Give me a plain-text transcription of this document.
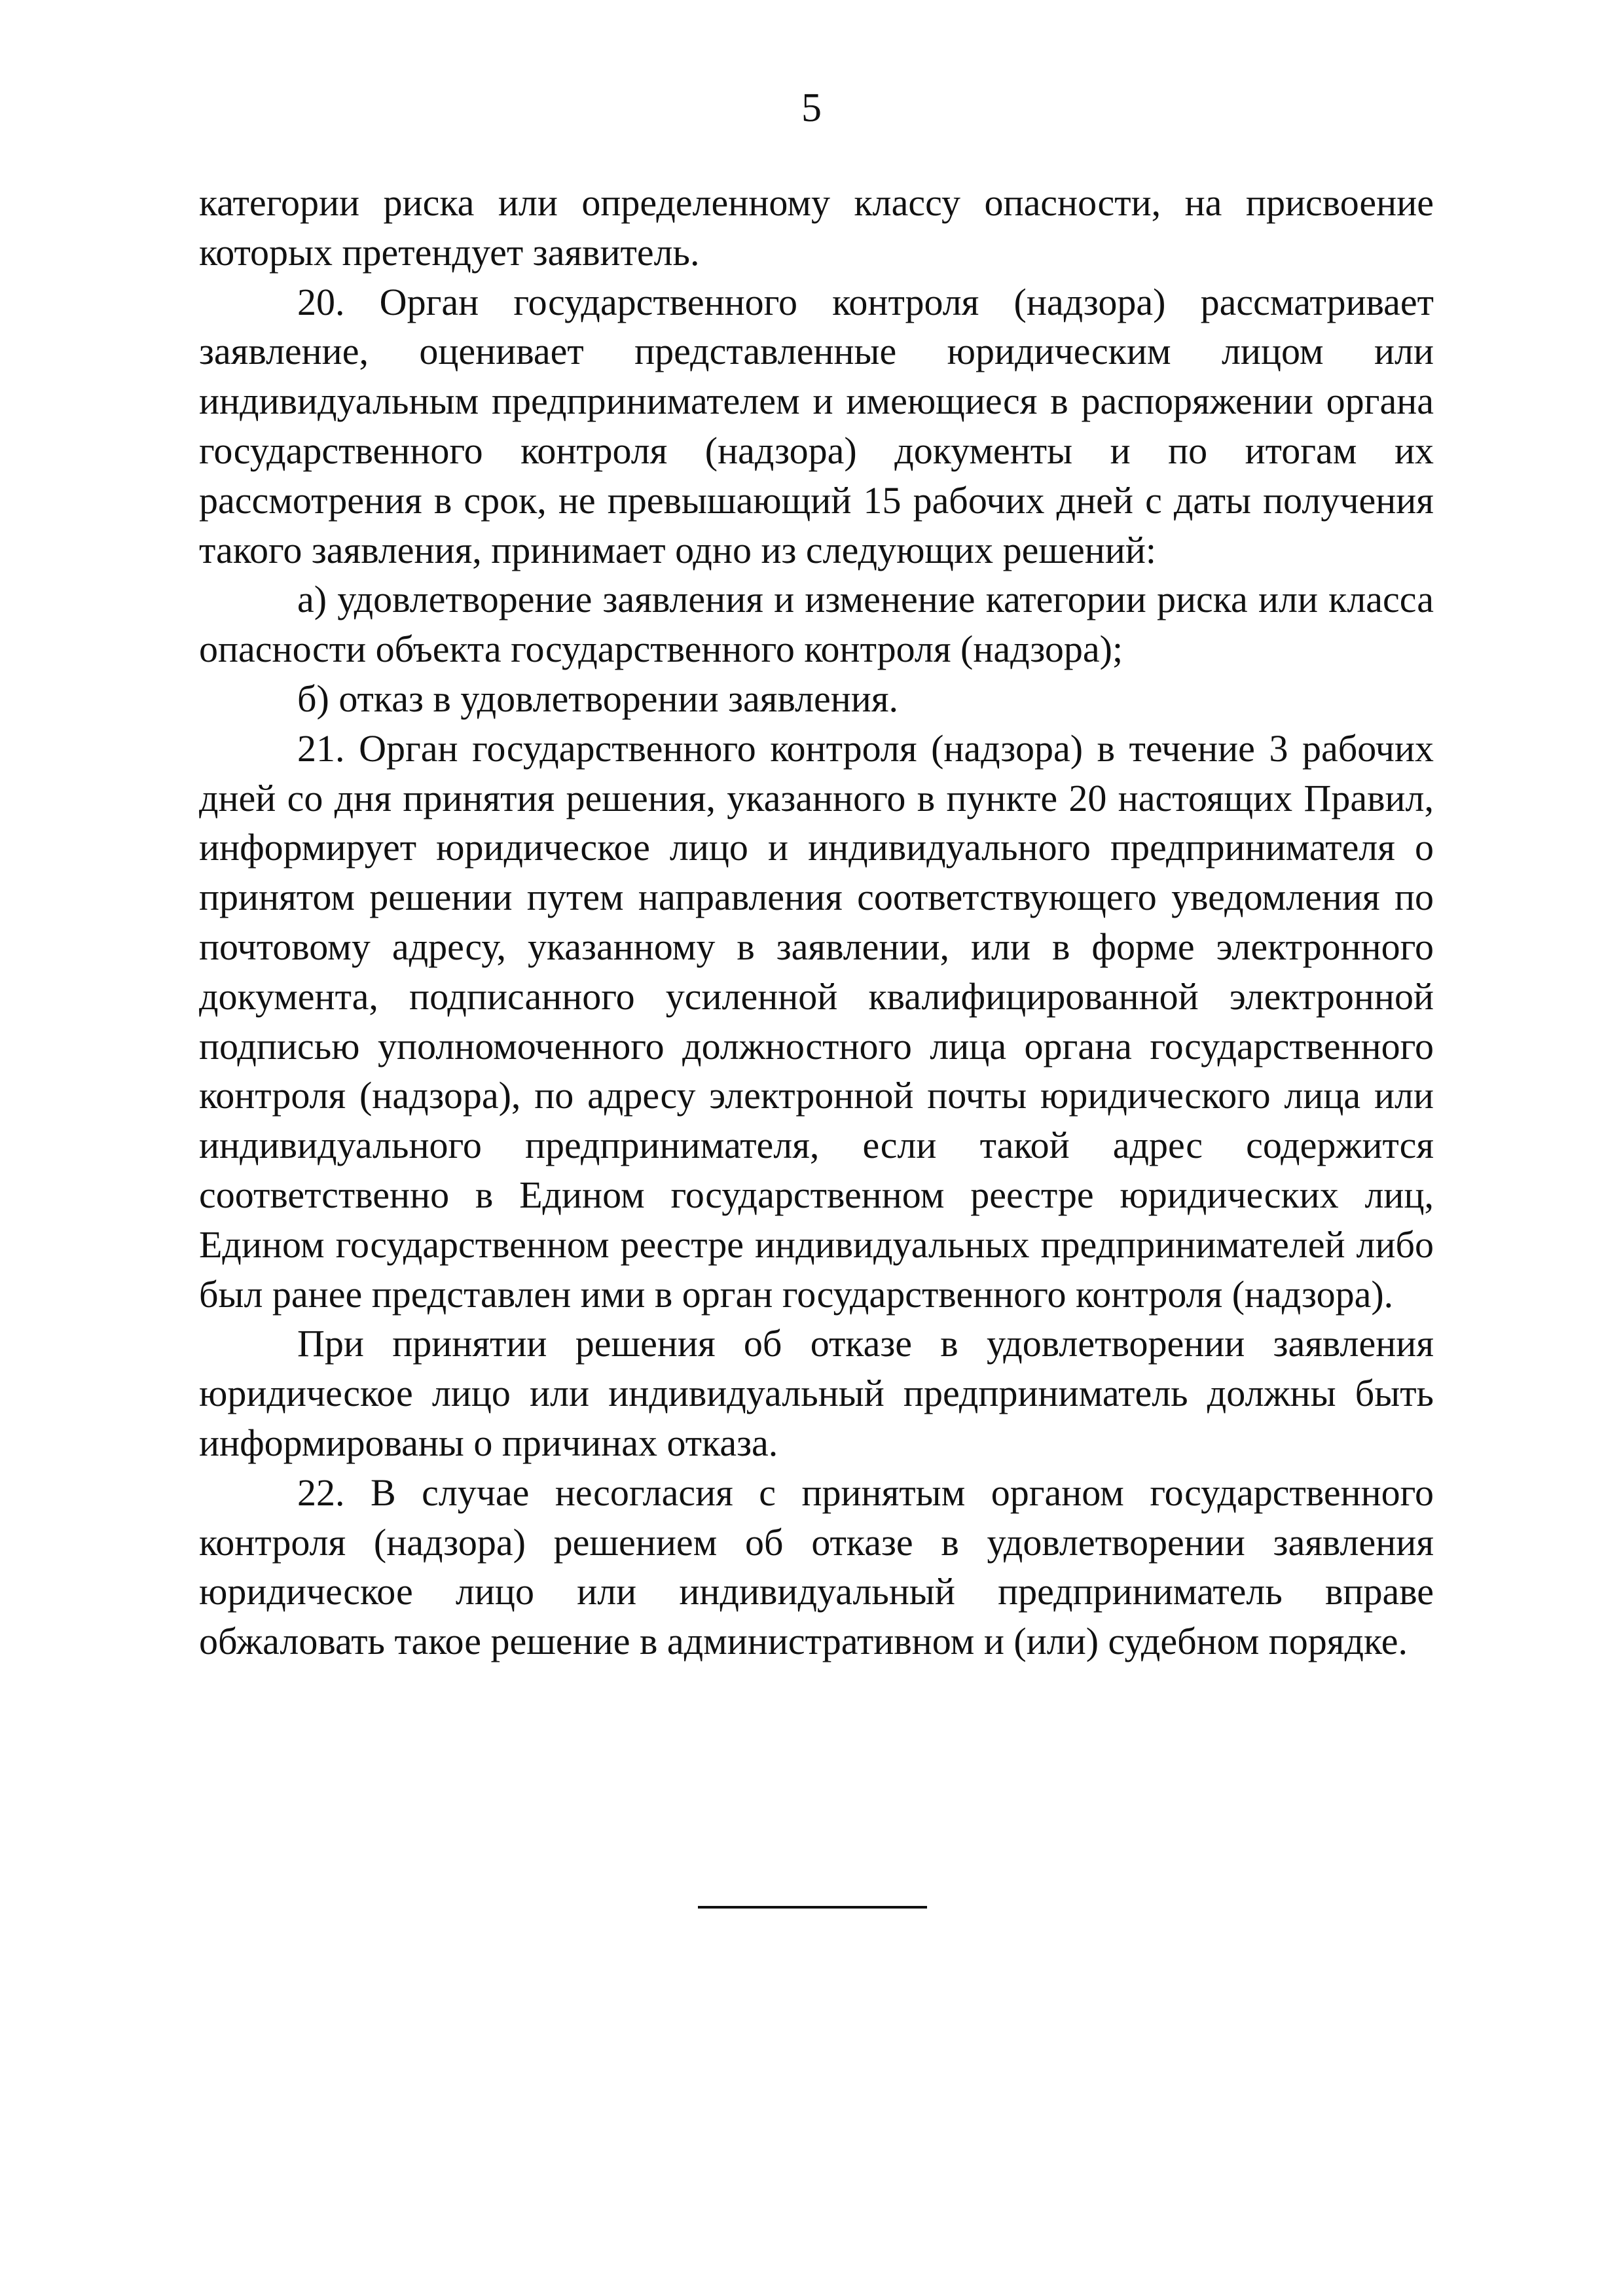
5

категории риска или определенному классу опасности, на присвоение которых претендует заявитель.

20. Орган государственного контроля (надзора) рассматривает заявление, оценивает представленные юридическим лицом или индивидуальным предпринимателем и имеющиеся в распоряжении органа государственного контроля (надзора) документы и по итогам их рассмотрения в срок, не превышающий 15 рабочих дней с даты получения такого заявления, принимает одно из следующих решений:

а) удовлетворение заявления и изменение категории риска или класса опасности объекта государственного контроля (надзора);

б) отказ в удовлетворении заявления.

21. Орган государственного контроля (надзора) в течение 3 рабочих дней со дня принятия решения, указанного в пункте 20 настоящих Правил, информирует юридическое лицо и индивидуального предпринимателя о принятом решении путем направления соответствующего уведомления по почтовому адресу, указанному в заявлении, или в форме электронного документа, подписанного усиленной квалифицированной электронной подписью уполномоченного должностного лица органа государственного контроля (надзора), по адресу электронной почты юридического лица или индивидуального предпринимателя, если такой адрес содержится соответственно в Едином государственном реестре юридических лиц, Едином государственном реестре индивидуальных предпринимателей либо был ранее представлен ими в орган государственного контроля (надзора).

При принятии решения об отказе в удовлетворении заявления юридическое лицо или индивидуальный предприниматель должны быть информированы о причинах отказа.

22. В случае несогласия с принятым органом государственного контроля (надзора) решением об отказе в удовлетворении заявления юридическое лицо или индивидуальный предприниматель вправе обжаловать такое решение в административном и (или) судебном порядке.
